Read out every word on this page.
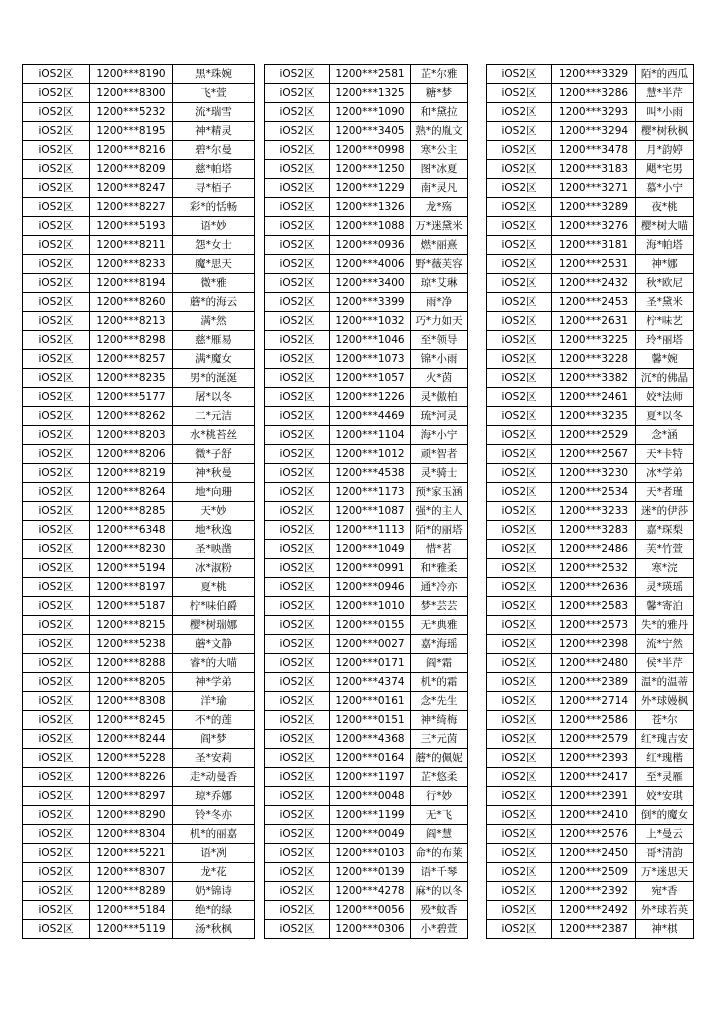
iOS2区	1200***8190	黑*珠婉
iOS2区	1200***8300	飞*萱
iOS2区	1200***5232	流*瑞雪
iOS2区	1200***8195	神*精灵
iOS2区	1200***8216	碧*尔曼
iOS2区	1200***8209	慈*帕塔
iOS2区	1200***8247	寻*栢子
iOS2区	1200***8227	彩*的恬畅
iOS2区	1200***5193	语*妙
iOS2区	1200***8211	怨*女士
iOS2区	1200***8233	魔*思天
iOS2区	1200***8194	微*雅
iOS2区	1200***8260	蘑*的海云
iOS2区	1200***8213	满*然
iOS2区	1200***8298	慈*雁易
iOS2区	1200***8257	满*魔女
iOS2区	1200***8235	男*的涎涎
iOS2区	1200***5177	屠*以冬
iOS2区	1200***8262	二*元洁
iOS2区	1200***8203	水*桃苔丝
iOS2区	1200***8206	微*子舒
iOS2区	1200***8219	神*秋曼
iOS2区	1200***8264	地*向珊
iOS2区	1200***8285	天*妙
iOS2区	1200***6348	地*秋逸
iOS2区	1200***8230	圣*映凿
iOS2区	1200***5194	冰*淑粉
iOS2区	1200***8197	夏*桃
iOS2区	1200***5187	柠*味伯爵
iOS2区	1200***8215	樱*树瑞娜
iOS2区	1200***5238	蘑*文静
iOS2区	1200***8288	睿*的大喵
iOS2区	1200***8205	神*学弟
iOS2区	1200***8308	洋*瑜
iOS2区	1200***8245	不*的莲
iOS2区	1200***8244	阎*梦
iOS2区	1200***5228	圣*安莉
iOS2区	1200***8226	走*动曼香
iOS2区	1200***8297	琼*乔娜
iOS2区	1200***8290	铃*冬亦
iOS2区	1200***8304	机*的丽嘉
iOS2区	1200***5221	语*冽
iOS2区	1200***8307	龙*花
iOS2区	1200***8289	奶*锦诗
iOS2区	1200***5184	绝*的绿
iOS2区	1200***5119	汤*秋枫
iOS2区	1200***2581	芷*尔雅
iOS2区	1200***1325	糖*梦
iOS2区	1200***1090	和*黛拉
iOS2区	1200***3405	熟*的胤文
iOS2区	1200***0998	寒*公主
iOS2区	1200***1250	图*冰夏
iOS2区	1200***1229	南*灵凡
iOS2区	1200***1326	龙*殇
iOS2区	1200***1088	万*迷黛米
iOS2区	1200***0936	燃*丽熹
iOS2区	1200***4006	野*薇芙容
iOS2区	1200***3400	琼*艾琳
iOS2区	1200***3399	雨*净
iOS2区	1200***1032	巧*力如天
iOS2区	1200***1046	至*领导
iOS2区	1200***1073	锦*小雨
iOS2区	1200***1057	火*茵
iOS2区	1200***1226	灵*傲柏
iOS2区	1200***4469	琉*河灵
iOS2区	1200***1104	海*小宁
iOS2区	1200***1012	顽*智者
iOS2区	1200***4538	灵*骑士
iOS2区	1200***1173	预*家玉涵
iOS2区	1200***1087	强*的主人
iOS2区	1200***1113	陌*的丽塔
iOS2区	1200***1049	惜*茗
iOS2区	1200***0991	和*雅柔
iOS2区	1200***0946	通*冷亦
iOS2区	1200***1010	梦*芸芸
iOS2区	1200***0155	无*典雅
iOS2区	1200***0027	嘉*海瑶
iOS2区	1200***0171	阎*霜
iOS2区	1200***4374	机*的霜
iOS2区	1200***0161	念*先生
iOS2区	1200***0151	神*绮梅
iOS2区	1200***4368	三*元茵
iOS2区	1200***0164	蘑*的佩妮
iOS2区	1200***1197	芷*悠柔
iOS2区	1200***0048	行*妙
iOS2区	1200***1199	无*飞
iOS2区	1200***0049	阎*慧
iOS2区	1200***0103	命*的布莱
iOS2区	1200***0139	语*千琴
iOS2区	1200***4278	麻*的以冬
iOS2区	1200***0056	殁*蚊香
iOS2区	1200***0306	小*碧萱
iOS2区	1200***3329	陌*的西瓜
iOS2区	1200***3286	慧*半芹
iOS2区	1200***3293	叫*小雨
iOS2区	1200***3294	樱*树秋枫
iOS2区	1200***3478	月*韵婷
iOS2区	1200***3183	飓*宅男
iOS2区	1200***3271	慕*小宁
iOS2区	1200***3289	夜*桃
iOS2区	1200***3276	樱*树大喵
iOS2区	1200***3181	海*帕塔
iOS2区	1200***2531	神*娜
iOS2区	1200***2432	秋*欧尼
iOS2区	1200***2453	圣*黛米
iOS2区	1200***2631	柠*味艺
iOS2区	1200***3225	玲*丽塔
iOS2区	1200***3228	馨*婉
iOS2区	1200***3382	沉*的佛晶
iOS2区	1200***2461	姣*法师
iOS2区	1200***3235	夏*以冬
iOS2区	1200***2529	念*涵
iOS2区	1200***2567	天*卡特
iOS2区	1200***3230	冰*学弟
iOS2区	1200***2534	天*者瑾
iOS2区	1200***3233	迷*的伊莎
iOS2区	1200***3283	嘉*琛梨
iOS2区	1200***2486	芙*竹萱
iOS2区	1200***2532	寒*浣
iOS2区	1200***2636	灵*瑛瑶
iOS2区	1200***2583	馨*寄泊
iOS2区	1200***2573	失*的雅丹
iOS2区	1200***2398	流*宁然
iOS2区	1200***2480	侯*半芹
iOS2区	1200***2389	温*的温蒂
iOS2区	1200***2714	外*球嫚枫
iOS2区	1200***2586	苍*尔
iOS2区	1200***2579	红*瑰吉安
iOS2区	1200***2393	红*瑰楷
iOS2区	1200***2417	至*灵雁
iOS2区	1200***2391	姣*安琪
iOS2区	1200***2410	倒*的魔女
iOS2区	1200***2576	上*曼云
iOS2区	1200***2450	哥*清韵
iOS2区	1200***2509	万*迷思天
iOS2区	1200***2392	宛*香
iOS2区	1200***2492	外*球若英
iOS2区	1200***2387	神*棋
